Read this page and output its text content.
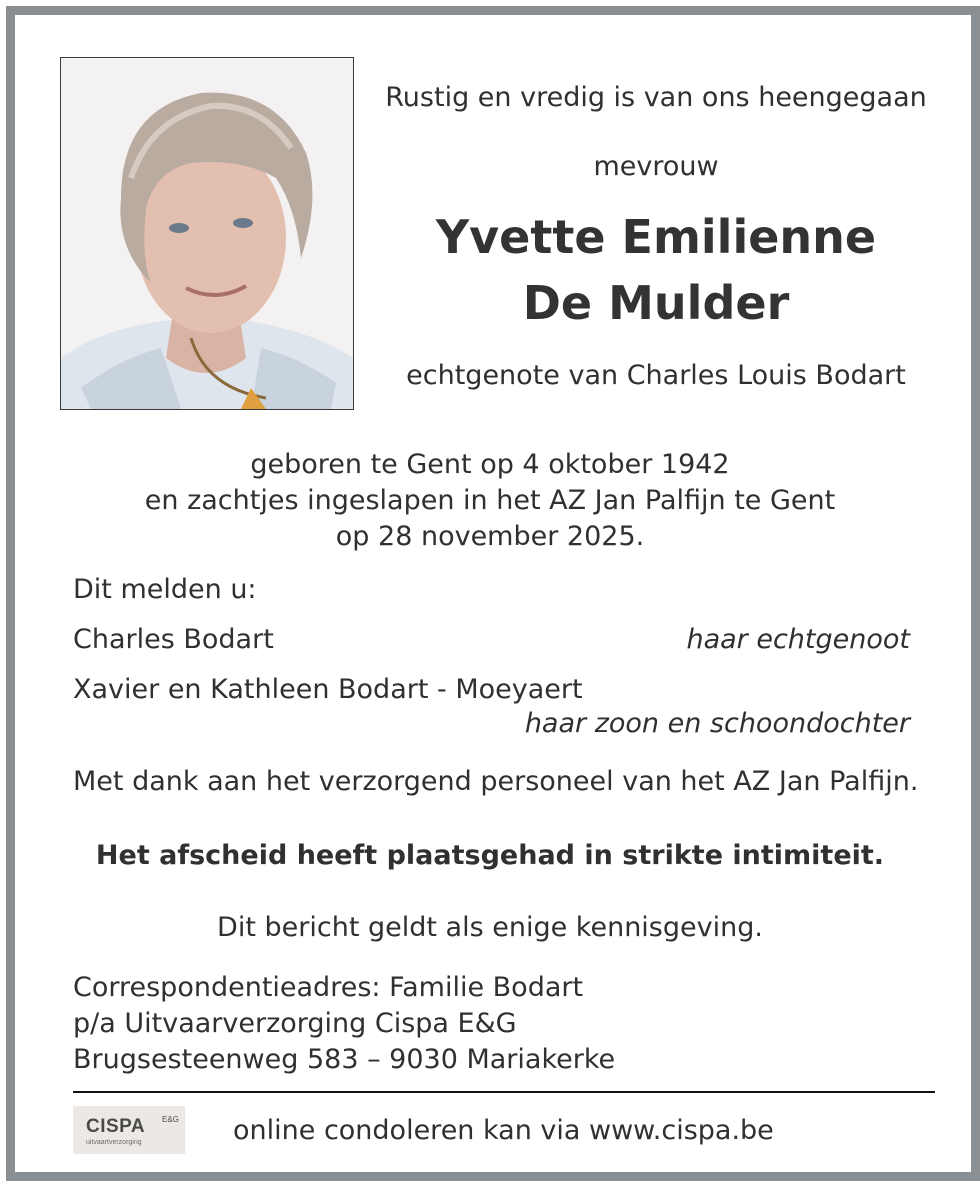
Rustig en vredig is van ons heengegaan
mevrouw
Yvette Emilienne
De Mulder
echtgenote van Charles Louis Bodart
geboren te Gent op 4 oktober 1942
en zachtjes ingeslapen in het AZ Jan Palfijn te Gent
op 28 november 2025.
Dit melden u:
Charles Bodart	haar echtgenoot
Xavier en Kathleen Bodart - Moeyaert
haar zoon en schoondochter
Met dank aan het verzorgend personeel van het AZ Jan Palfijn.
Het afscheid heeft plaatsgehad in strikte intimiteit.
Dit bericht geldt als enige kennisgeving.
Correspondentieadres: Familie Bodart
p/a Uitvaarverzorging Cispa E&G
Brugsesteenweg 583 – 9030 Mariakerke
CISPA E&G
uitvaartverzorging	online condoleren kan via www.cispa.be
